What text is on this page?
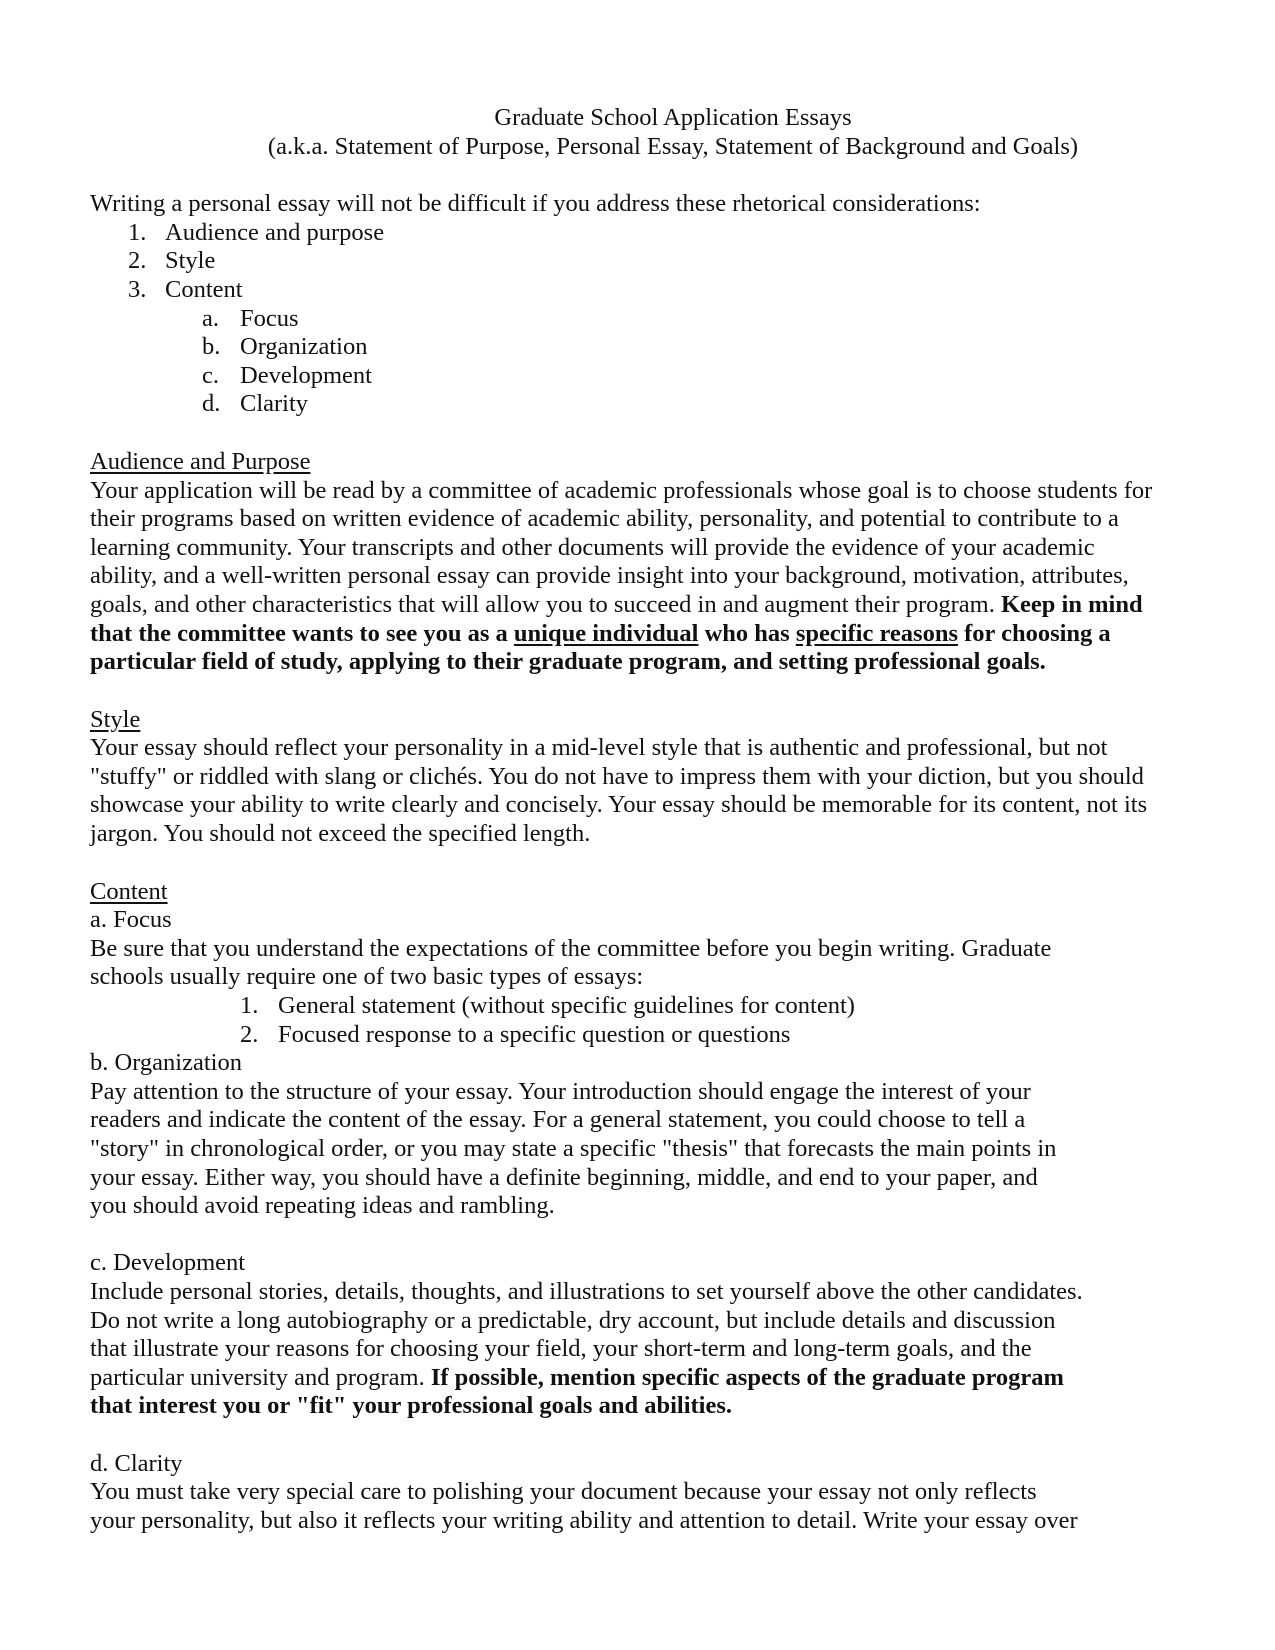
Graduate School Application Essays
(a.k.a. Statement of Purpose, Personal Essay, Statement of Background and Goals)
Writing a personal essay will not be difficult if you address these rhetorical considerations:
1. Audience and purpose
2. Style
3. Content
a. Focus
b. Organization
c. Development
d. Clarity
Audience and Purpose

Your application will be read by a committee of academic professionals whose goal is to choose students for

their programs based on written evidence of academic ability, personality, and potential to contribute to a

learning community. Your transcripts and other documents will provide the evidence of your academic

ability, and a well-written personal essay can provide insight into your background, motivation, attributes,

goals, and other characteristics that will allow you to succeed in and augment their program. Keep in mind

that the committee wants to see you as a unique individual who has specific reasons for choosing a

particular field of study, applying to their graduate program, and setting professional goals.

Style

Your essay should reflect your personality in a mid-level style that is authentic and professional, but not

"stuffy" or riddled with slang or clichés. You do not have to impress them with your diction, but you should

showcase your ability to write clearly and concisely. Your essay should be memorable for its content, not its

jargon. You should not exceed the specified length.

Content
a. Focus

Be sure that you understand the expectations of the committee before you begin writing. Graduate

schools usually require one of two basic types of essays:

1. General statement (without specific guidelines for content)
2. Focused response to a specific question or questions
b. Organization

Pay attention to the structure of your essay. Your introduction should engage the interest of your

readers and indicate the content of the essay. For a general statement, you could choose to tell a

"story" in chronological order, or you may state a specific "thesis" that forecasts the main points in

your essay. Either way, you should have a definite beginning, middle, and end to your paper, and

you should avoid repeating ideas and rambling.

c. Development

Include personal stories, details, thoughts, and illustrations to set yourself above the other candidates.

Do not write a long autobiography or a predictable, dry account, but include details and discussion

that illustrate your reasons for choosing your field, your short-term and long-term goals, and the

particular university and program. If possible, mention specific aspects of the graduate program

that interest you or "fit" your professional goals and abilities.

d. Clarity

You must take very special care to polishing your document because your essay not only reflects

your personality, but also it reflects your writing ability and attention to detail. Write your essay over
